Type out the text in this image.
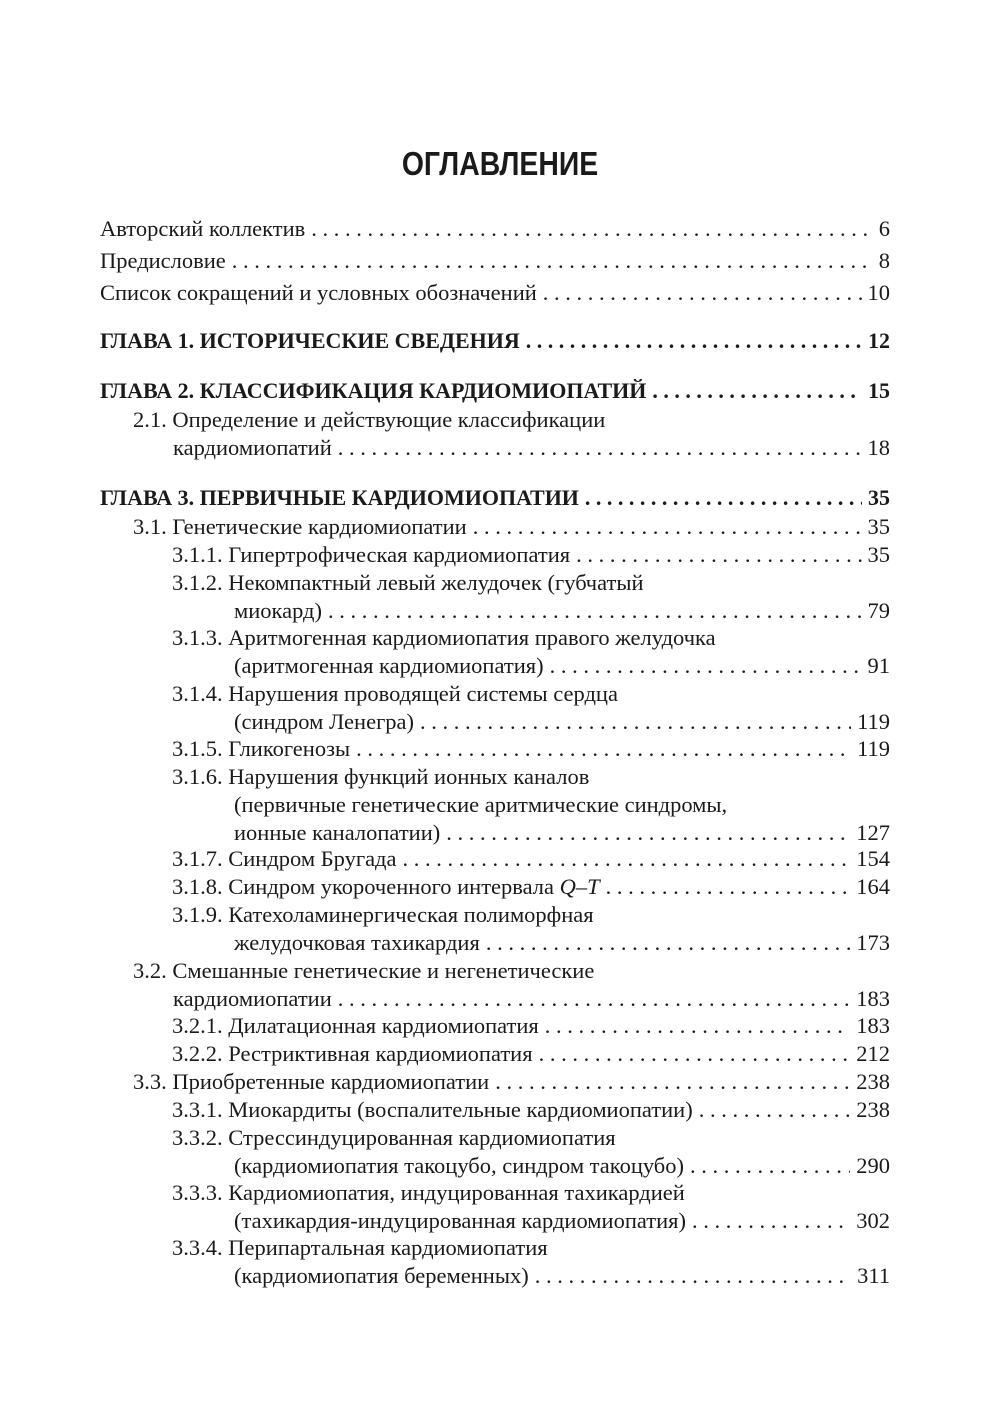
ОГЛАВЛЕНИЕ
Авторский коллектив . . .	6
Предисловие . . .	8
Список сокращений и условных обозначений . . .	10
ГЛАВА 1. ИСТОРИЧЕСКИЕ СВЕДЕНИЯ . . .	12
ГЛАВА 2. КЛАССИФИКАЦИЯ КАРДИОМИОПАТИЙ . . .	15
2.1. Определение и действующие классификации
кардиомиопатий . . .	18
ГЛАВА 3. ПЕРВИЧНЫЕ КАРДИОМИОПАТИИ . . .	35
3.1. Генетические кардиомиопатии . . .	35
3.1.1. Гипертрофическая кардиомиопатия . . .	35
3.1.2. Некомпактный левый желудочек (губчатый
миокард) . . .	79
3.1.3. Аритмогенная кардиомиопатия правого желудочка
(аритмогенная кардиомиопатия) . . .	91
3.1.4. Нарушения проводящей системы сердца
(синдром Ленегра) . . .	119
3.1.5. Гликогенозы . . .	119
3.1.6. Нарушения функций ионных каналов
(первичные генетические аритмические синдромы,
ионные каналопатии) . . .	127
3.1.7. Синдром Бругада . . .	154
3.1.8. Синдром укороченного интервала Q–T . . .	164
3.1.9. Катехоламинергическая полиморфная
желудочковая тахикардия . . .	173
3.2. Смешанные генетические и негенетические
кардиомиопатии . . .	183
3.2.1. Дилатационная кардиомиопатия . . .	183
3.2.2. Рестриктивная кардиомиопатия . . .	212
3.3. Приобретенные кардиомиопатии . . .	238
3.3.1. Миокардиты (воспалительные кардиомиопатии) . . .	238
3.3.2. Стрессиндуцированная кардиомиопатия
(кардиомиопатия такоцубо, синдром такоцубо) . . .	290
3.3.3. Кардиомиопатия, индуцированная тахикардией
(тахикардия-индуцированная кардиомиопатия) . . .	302
3.3.4. Перипартальная кардиомиопатия
(кардиомиопатия беременных) . . .	311
